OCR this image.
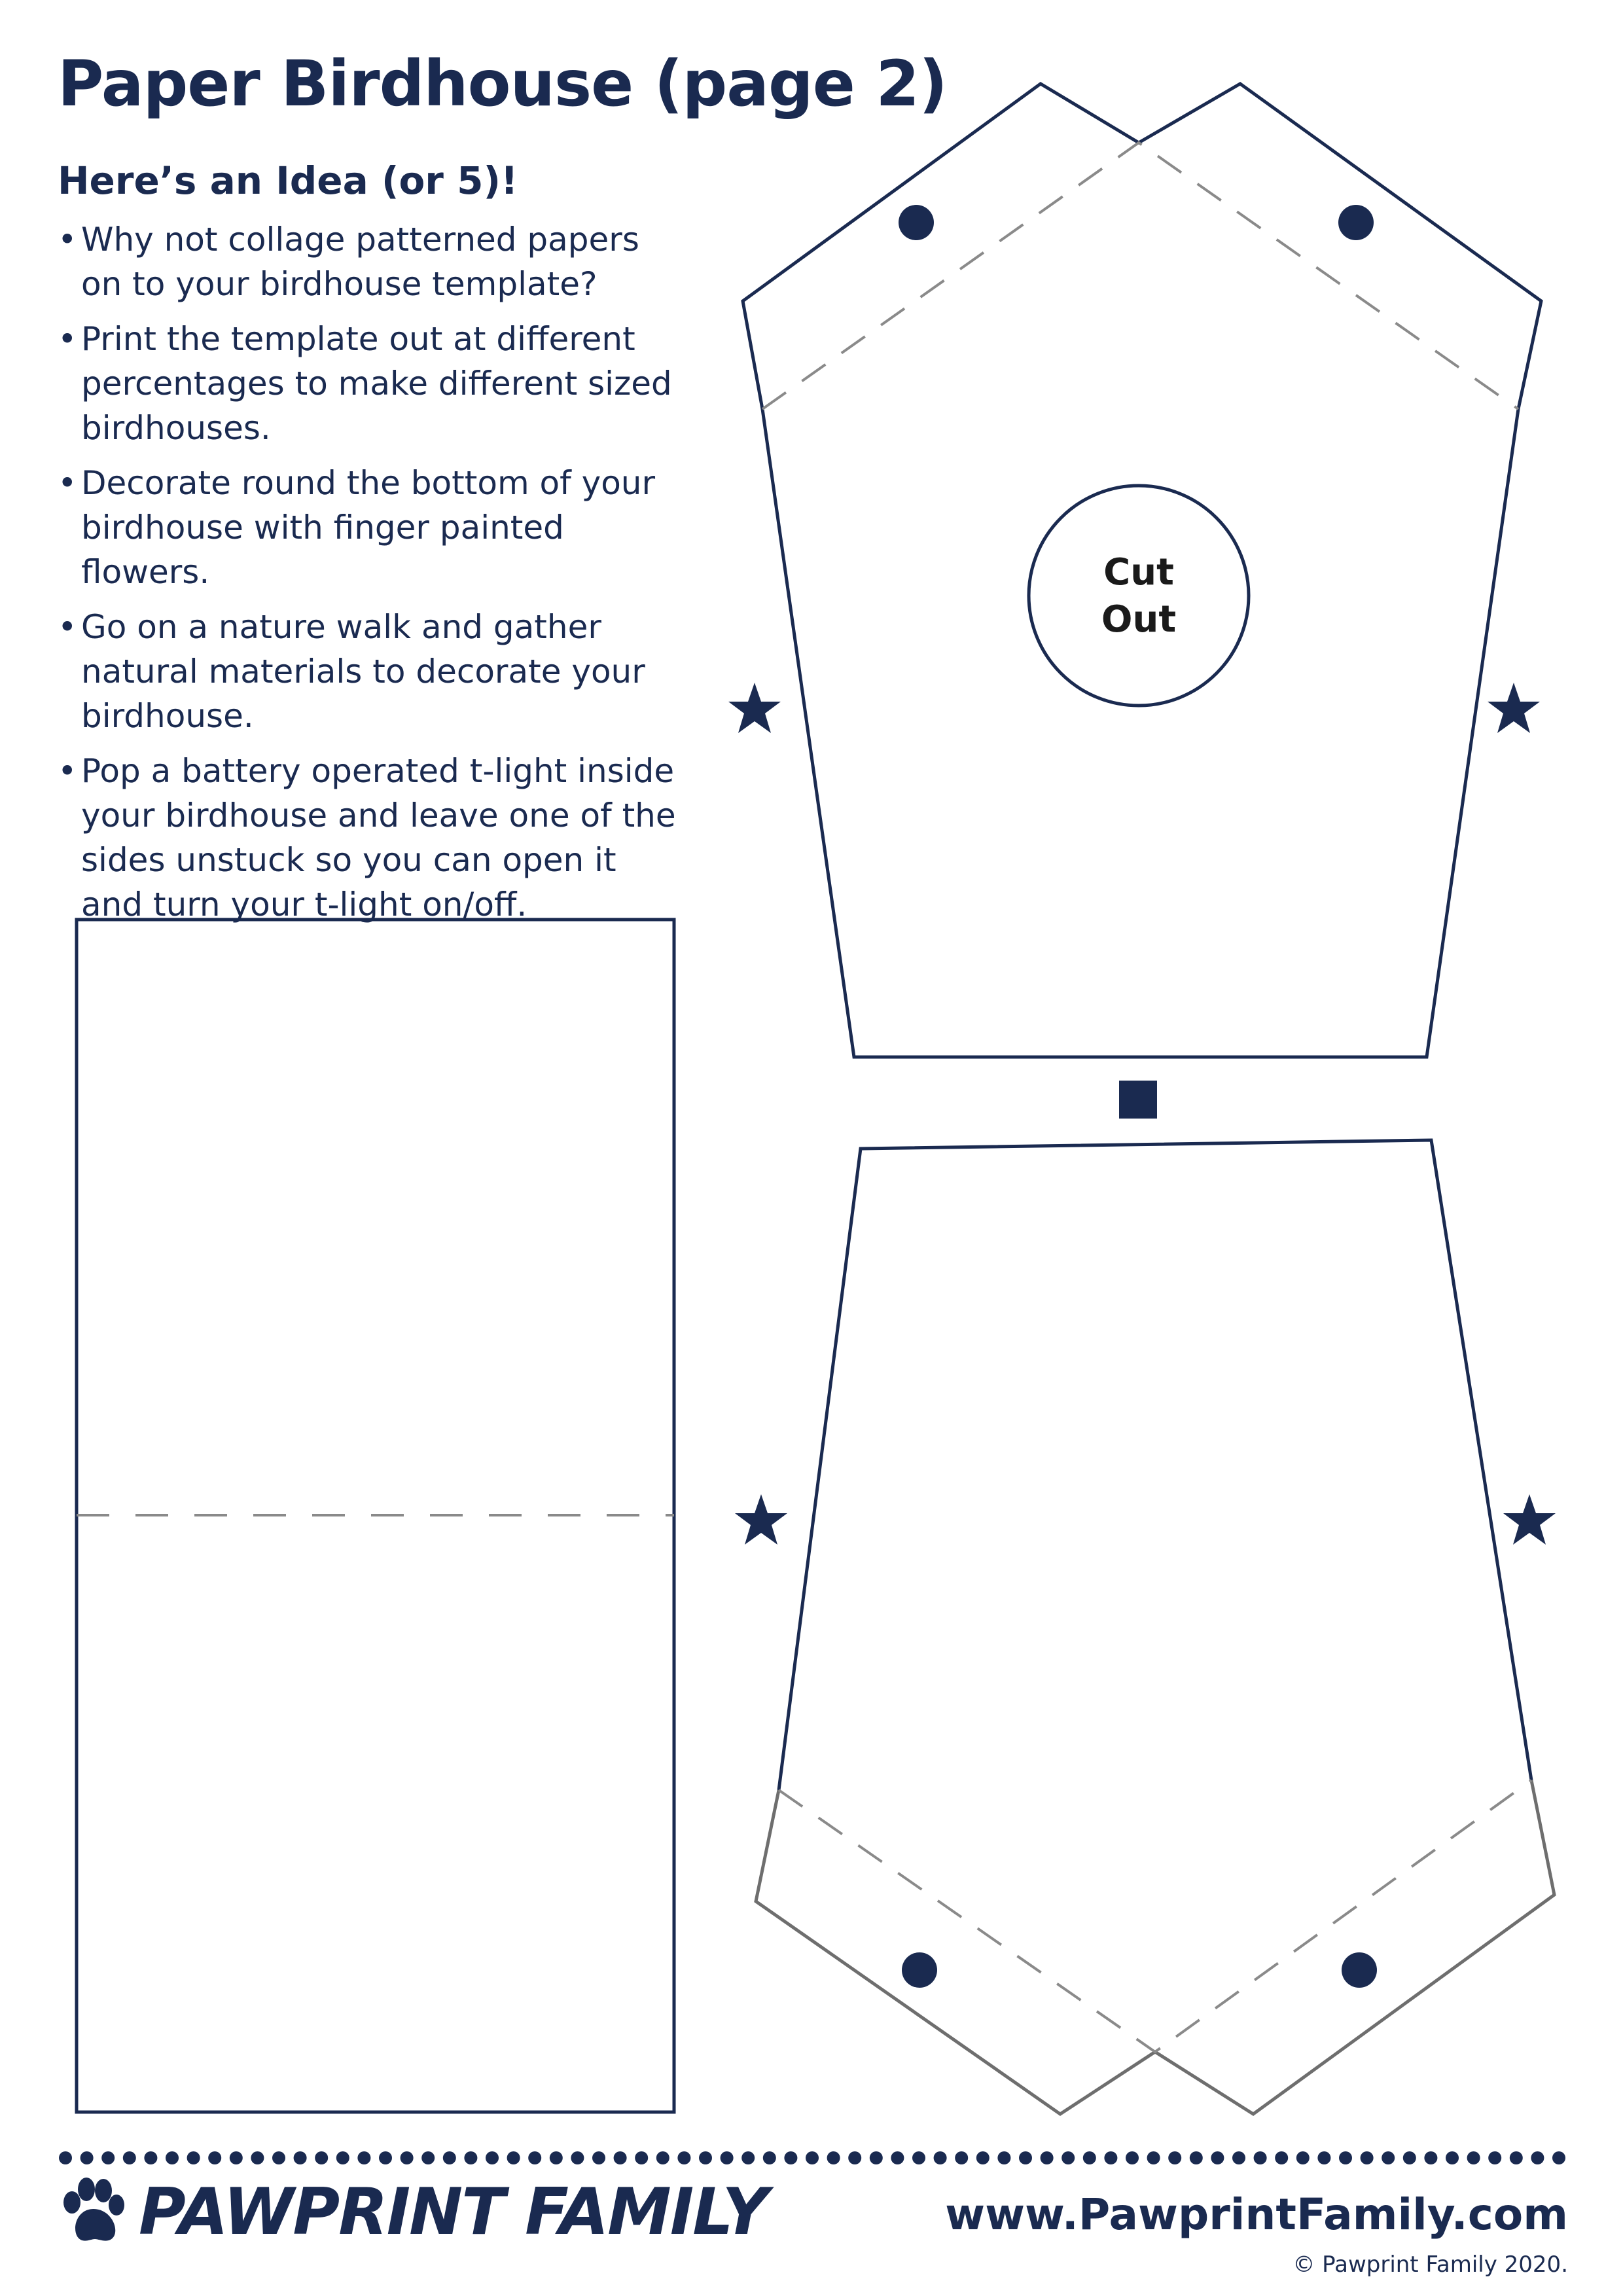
Paper Birdhouse (page 2)
Here’s an Idea (or 5)!
• Why not collage patterned papers on to your birdhouse template?
• Print the template out at different percentages to make different sized birdhouses.
• Decorate round the bottom of your birdhouse with finger painted flowers.
• Go on a nature walk and gather natural materials to decorate your birdhouse.
• Pop a battery operated t-light inside your birdhouse and leave one of the sides unstuck so you can open it and turn your t-light on/off.
Cut
Out
PAWPRINT FAMILY	www.PawprintFamily.com
© Pawprint Family 2020.
